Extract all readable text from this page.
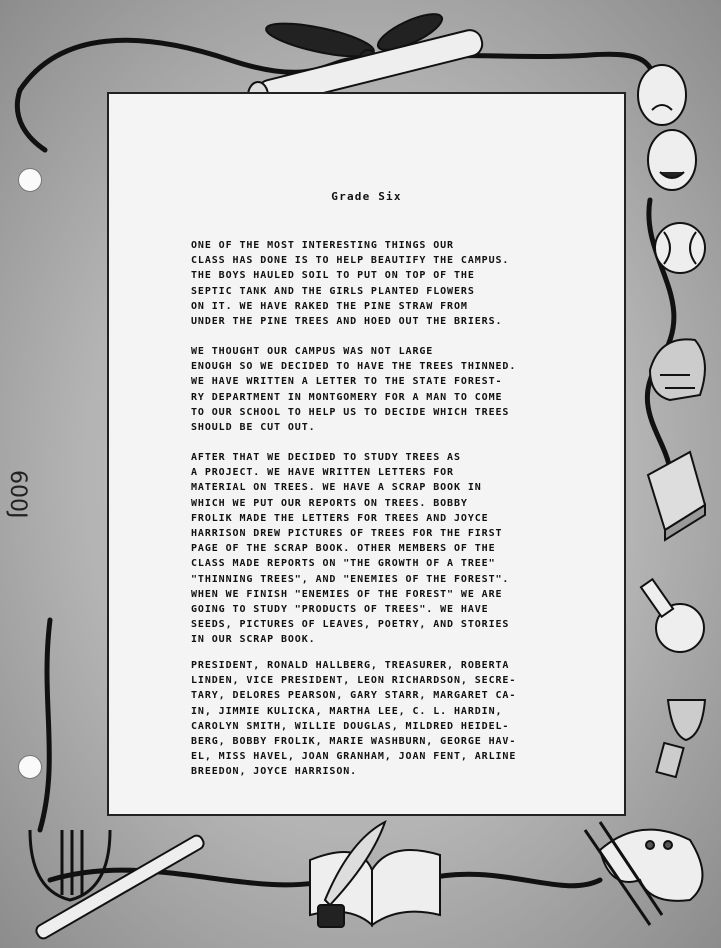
600J
Grade Six
ONE OF THE MOST INTERESTING THINGS OUR
CLASS HAS DONE IS TO HELP BEAUTIFY THE CAMPUS.
THE BOYS HAULED SOIL TO PUT ON TOP OF THE
SEPTIC TANK AND THE GIRLS PLANTED FLOWERS
ON IT. WE HAVE RAKED THE PINE STRAW FROM
UNDER THE PINE TREES AND HOED OUT THE BRIERS.
WE THOUGHT OUR CAMPUS WAS NOT LARGE
ENOUGH SO WE DECIDED TO HAVE THE TREES THINNED.
WE HAVE WRITTEN A LETTER TO THE STATE FOREST-
RY DEPARTMENT IN MONTGOMERY FOR A MAN TO COME
TO OUR SCHOOL TO HELP US TO DECIDE WHICH TREES
SHOULD BE CUT OUT.
AFTER THAT WE DECIDED TO STUDY TREES AS
A PROJECT. WE HAVE WRITTEN LETTERS FOR
MATERIAL ON TREES. WE HAVE A SCRAP BOOK IN
WHICH WE PUT OUR REPORTS ON TREES. BOBBY
FROLIK MADE THE LETTERS FOR TREES AND JOYCE
HARRISON DREW PICTURES OF TREES FOR THE FIRST
PAGE OF THE SCRAP BOOK. OTHER MEMBERS OF THE
CLASS MADE REPORTS ON "THE GROWTH OF A TREE"
"THINNING TREES", AND "ENEMIES OF THE FOREST".
WHEN WE FINISH "ENEMIES OF THE FOREST" WE ARE
GOING TO STUDY "PRODUCTS OF TREES". WE HAVE
SEEDS, PICTURES OF LEAVES, POETRY, AND STORIES
IN OUR SCRAP BOOK.
PRESIDENT, RONALD HALLBERG, TREASURER, ROBERTA
LINDEN, VICE PRESIDENT, LEON RICHARDSON, SECRE-
TARY, DELORES PEARSON, GARY STARR, MARGARET CA-
IN, JIMMIE KULICKA, MARTHA LEE, C. L. HARDIN,
CAROLYN SMITH, WILLIE DOUGLAS, MILDRED HEIDEL-
BERG, BOBBY FROLIK, MARIE WASHBURN, GEORGE HAV-
EL, MISS HAVEL, JOAN GRANHAM, JOAN FENT, ARLINE
BREEDON, JOYCE HARRISON.
